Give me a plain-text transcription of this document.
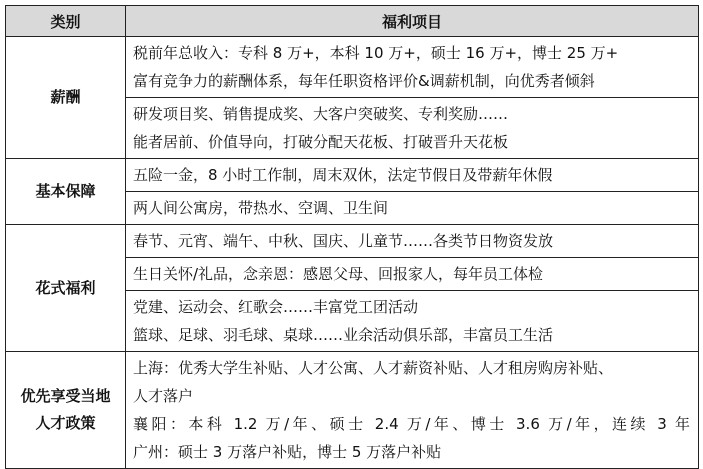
类别	福利项目

薪酬	税前年总收入：专科 8 万+，本科 10 万+，硕士 16 万+，博士 25 万+
富有竞争力的薪酬体系，每年任职资格评价&调薪机制，向优秀者倾斜

	研发项目奖、销售提成奖、大客户突破奖、专利奖励……
能者居前、价值导向，打破分配天花板、打破晋升天花板

基本保障	五险一金，8 小时工作制，周末双休，法定节假日及带薪年休假

	两人间公寓房，带热水、空调、卫生间

花式福利	春节、元宵、端午、中秋、国庆、儿童节……各类节日物资发放

	生日关怀/礼品，念亲恩：感恩父母、回报家人，每年员工体检

	党建、运动会、红歌会……丰富党工团活动
篮球、足球、羽毛球、桌球……业余活动俱乐部，丰富员工生活

优先享受当地
人才政策	上海：优秀大学生补贴、人才公寓、人才薪资补贴、人才租房购房补贴、
人才落户
襄阳：本科 1.2 万/年、硕士 2.4 万/年、博士 3.6 万/年，连续 3 年
广州：硕士 3 万落户补贴，博士 5 万落户补贴
